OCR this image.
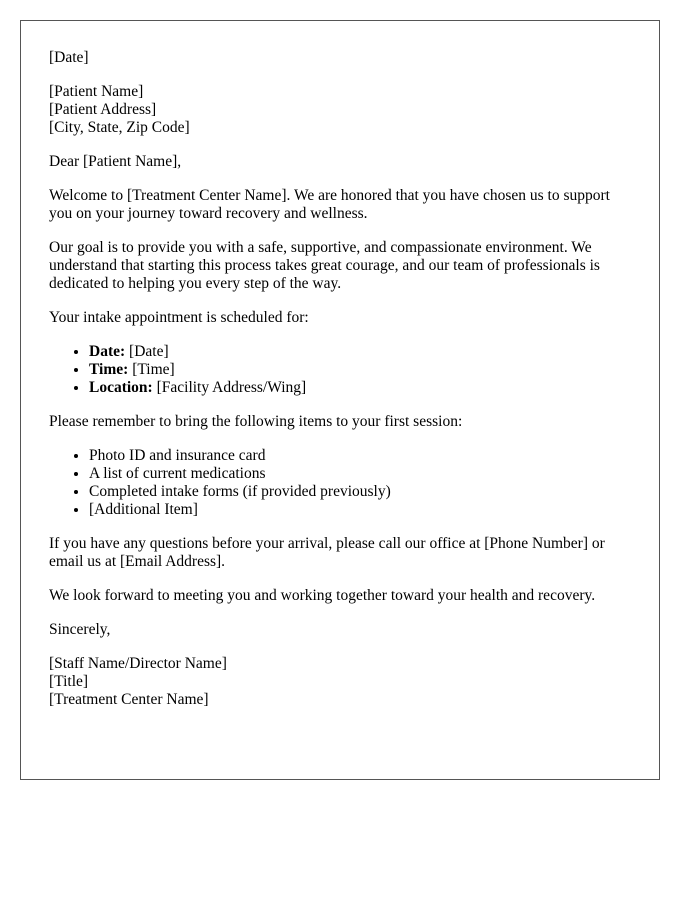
[Date]

[Patient Name]

[Patient Address]

[City, State, Zip Code]

Dear [Patient Name],

Welcome to [Treatment Center Name]. We are honored that you have chosen us to support you on your journey toward recovery and wellness.

Our goal is to provide you with a safe, supportive, and compassionate environment. We understand that starting this process takes great courage, and our team of professionals is dedicated to helping you every step of the way.

Your intake appointment is scheduled for:

• Date: [Date]
• Time: [Time]
• Location: [Facility Address/Wing]

Please remember to bring the following items to your first session:

• Photo ID and insurance card
• A list of current medications
• Completed intake forms (if provided previously)
• [Additional Item]

If you have any questions before your arrival, please call our office at [Phone Number] or email us at [Email Address].

We look forward to meeting you and working together toward your health and recovery.

Sincerely,

[Staff Name/Director Name]

[Title]

[Treatment Center Name]
